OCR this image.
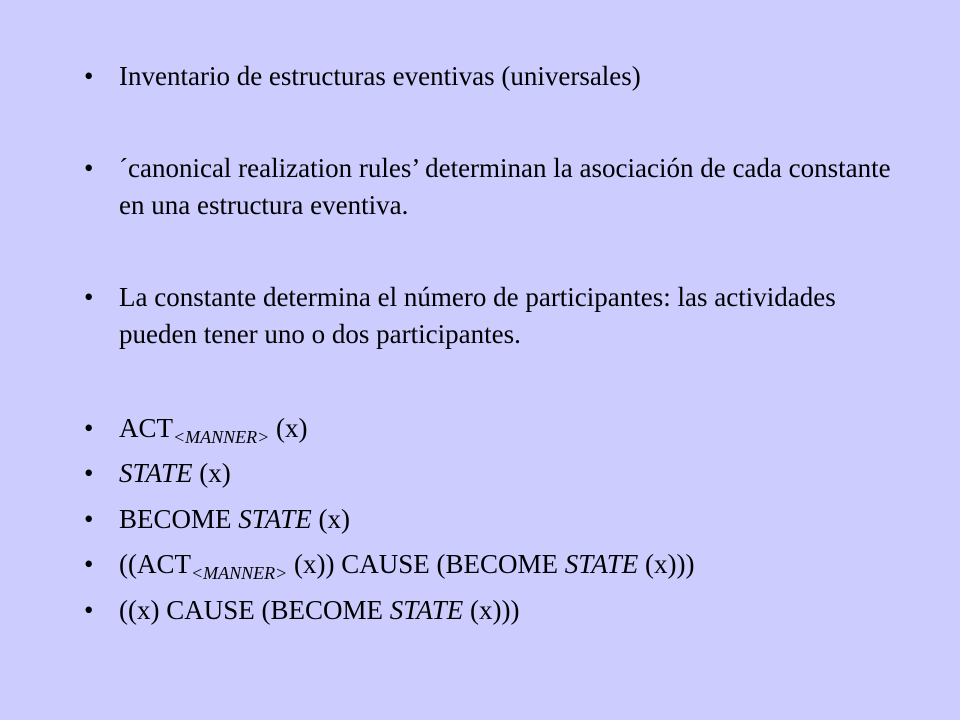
• Inventario de estructuras eventivas (universales)
• ´canonical realization rules’ determinan la asociación de cada constante en una estructura eventiva.
• La constante determina el número de participantes: las actividades pueden tener uno o dos participantes.
• $ACT_{<MANNER>}$ (x)
• STATE (x)
• BECOME STATE (x)
• (($ACT_{<MANNER>}$ (x)) CAUSE (BECOME STATE (x)))
• ((x) CAUSE (BECOME STATE (x)))
